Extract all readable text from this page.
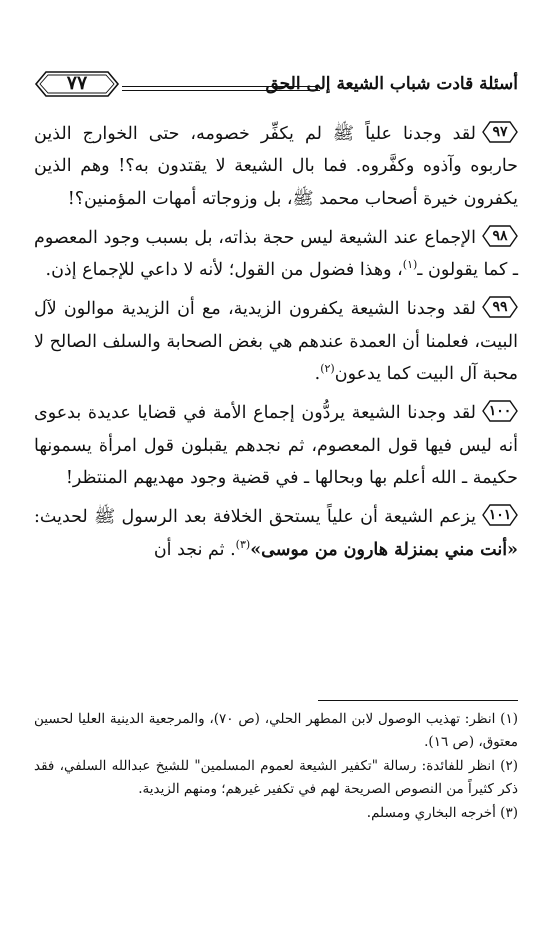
أسئلة قادت شباب الشيعة إلى الحق
٧٧

٩٧
لقد وجدنا علياً ﷺ لم يكفِّر خصومه، حتى الخوارج الذين حاربوه وآذوه وكفَّروه. فما بال الشيعة لا يقتدون به؟! وهم الذين يكفرون خيرة أصحاب محمد ﷺ، بل وزوجاته أمهات المؤمنين؟!

٩٨
الإجماع عند الشيعة ليس حجة بذاته، بل بسبب وجود المعصوم ـ كما يقولون ـ$^{(١)}$، وهذا فضول من القول؛ لأنه لا داعي للإجماع إذن.

٩٩
لقد وجدنا الشيعة يكفرون الزيدية، مع أن الزيدية موالون لآل البيت، فعلمنا أن العمدة عندهم هي بغض الصحابة والسلف الصالح لا محبة آل البيت كما يدعون$^{(٢)}$.

١٠٠
لقد وجدنا الشيعة يردُّون إجماع الأمة في قضايا عديدة بدعوى أنه ليس فيها قول المعصوم، ثم نجدهم يقبلون قول امرأة يسمونها حكيمة ـ الله أعلم بها وبحالها ـ في قضية وجود مهديهم المنتظر!

١٠١
يزعم الشيعة أن علياً يستحق الخلافة بعد الرسول ﷺ لحديث: «أنت مني بمنزلة هارون من موسى»$^{(٣)}$. ثم نجد أن

(١) انظر: تهذيب الوصول لابن المطهر الحلي، (ص ٧٠)، والمرجعية الدينية العليا لحسين معتوق، (ص ١٦).

(٢) انظر للفائدة: رسالة "تكفير الشيعة لعموم المسلمين" للشيخ عبدالله السلفي، فقد ذكر كثيراً من النصوص الصريحة لهم في تكفير غيرهم؛ ومنهم الزيدية.

(٣) أخرجه البخاري ومسلم.
